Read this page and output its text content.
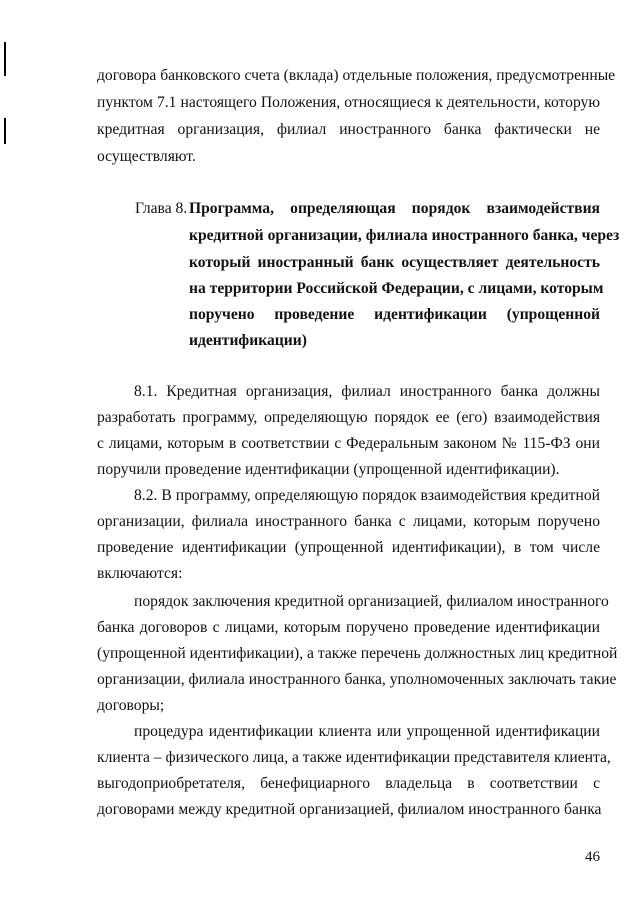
договора банковского счета (вклада) отдельные положения, предусмотренные
пунктом 7.1 настоящего Положения, относящиеся к деятельности, которую
кредитная организация, филиал иностранного банка фактически не
осуществляют.
Глава 8. Программа, определяющая порядок взаимодействия
кредитной организации, филиала иностранного банка, через
который иностранный банк осуществляет деятельность
на территории Российской Федерации, с лицами, которым
поручено проведение идентификации (упрощенной
идентификации)
8.1. Кредитная организация, филиал иностранного банка должны
разработать программу, определяющую порядок ее (его) взаимодействия
с лицами, которым в соответствии с Федеральным законом № 115-ФЗ они
поручили проведение идентификации (упрощенной идентификации).
8.2. В программу, определяющую порядок взаимодействия кредитной
организации, филиала иностранного банка с лицами, которым поручено
проведение идентификации (упрощенной идентификации), в том числе
включаются:
порядок заключения кредитной организацией, филиалом иностранного
банка договоров с лицами, которым поручено проведение идентификации
(упрощенной идентификации), а также перечень должностных лиц кредитной
организации, филиала иностранного банка, уполномоченных заключать такие
договоры;
процедура идентификации клиента или упрощенной идентификации
клиента – физического лица, а также идентификации представителя клиента,
выгодоприобретателя, бенефициарного владельца в соответствии с
договорами между кредитной организацией, филиалом иностранного банка
46
